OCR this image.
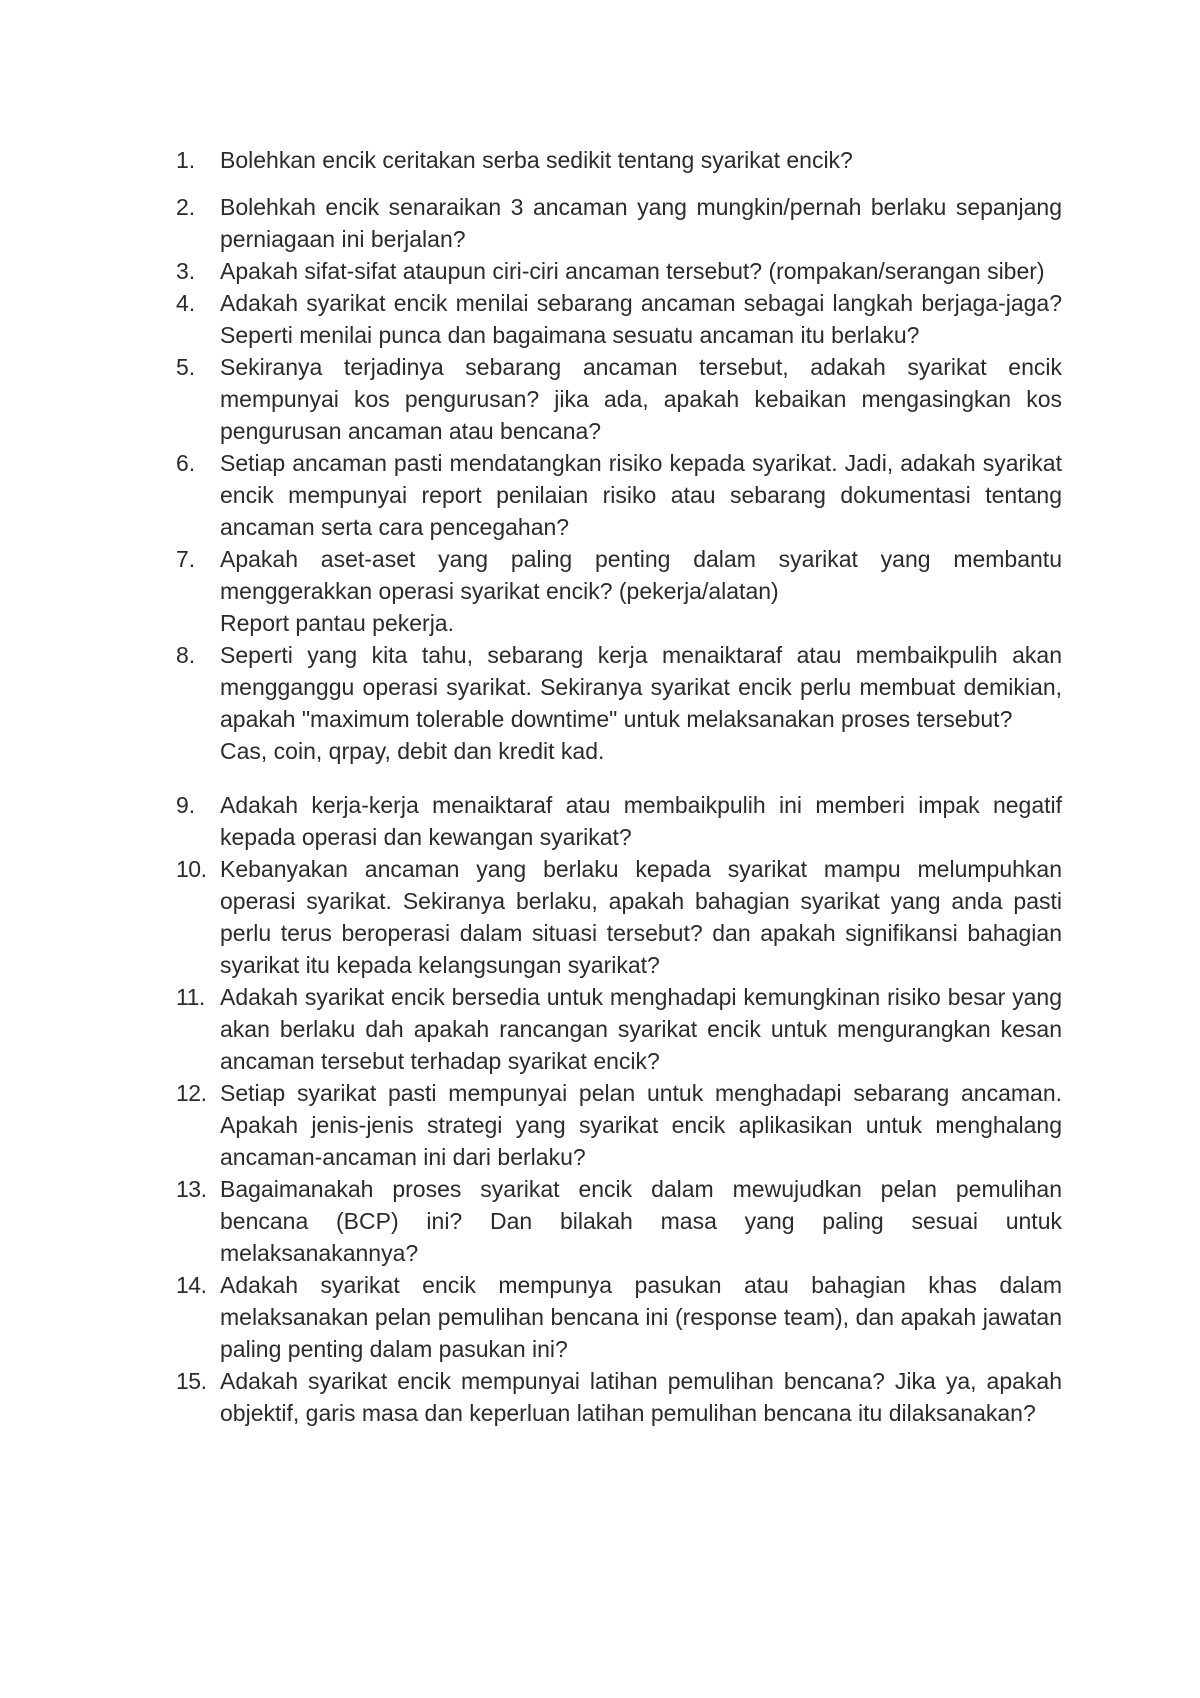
1.	Bolehkan encik ceritakan serba sedikit tentang syarikat encik?
2.	Bolehkah encik senaraikan 3 ancaman yang mungkin/pernah berlaku sepanjang perniagaan ini berjalan?
3.	Apakah sifat-sifat ataupun ciri-ciri ancaman tersebut? (rompakan/serangan siber)
4.	Adakah syarikat encik menilai sebarang ancaman sebagai langkah berjaga-jaga? Seperti menilai punca dan bagaimana sesuatu ancaman itu berlaku?
5.	Sekiranya terjadinya sebarang ancaman tersebut, adakah syarikat encik mempunyai kos pengurusan? jika ada, apakah kebaikan mengasingkan kos pengurusan ancaman atau bencana?
6.	Setiap ancaman pasti mendatangkan risiko kepada syarikat. Jadi, adakah syarikat encik mempunyai report penilaian risiko atau sebarang dokumentasi tentang ancaman serta cara pencegahan?
7.	Apakah aset-aset yang paling penting dalam syarikat yang membantu menggerakkan operasi syarikat encik? (pekerja/alatan)
Report pantau pekerja.
8.	Seperti yang kita tahu, sebarang kerja menaiktaraf atau membaikpulih akan mengganggu operasi syarikat. Sekiranya syarikat encik perlu membuat demikian, apakah "maximum tolerable downtime" untuk melaksanakan proses tersebut?
Cas, coin, qrpay, debit dan kredit kad.
9.	Adakah kerja-kerja menaiktaraf atau membaikpulih ini memberi impak negatif kepada operasi dan kewangan syarikat?
10. Kebanyakan ancaman yang berlaku kepada syarikat mampu melumpuhkan operasi syarikat. Sekiranya berlaku, apakah bahagian syarikat yang anda pasti perlu terus beroperasi dalam situasi tersebut? dan apakah signifikansi bahagian syarikat itu kepada kelangsungan syarikat?
11. Adakah syarikat encik bersedia untuk menghadapi kemungkinan risiko besar yang akan berlaku dah apakah rancangan syarikat encik untuk mengurangkan kesan ancaman tersebut terhadap syarikat encik?
12. Setiap syarikat pasti mempunyai pelan untuk menghadapi sebarang ancaman. Apakah jenis-jenis strategi yang syarikat encik aplikasikan untuk menghalang ancaman-ancaman ini dari berlaku?
13. Bagaimanakah proses syarikat encik dalam mewujudkan pelan pemulihan bencana (BCP) ini? Dan bilakah masa yang paling sesuai untuk melaksanakannya?
14. Adakah syarikat encik mempunya pasukan atau bahagian khas dalam melaksanakan pelan pemulihan bencana ini (response team), dan apakah jawatan paling penting dalam pasukan ini?
15. Adakah syarikat encik mempunyai latihan pemulihan bencana? Jika ya, apakah objektif, garis masa dan keperluan latihan pemulihan bencana itu dilaksanakan?
